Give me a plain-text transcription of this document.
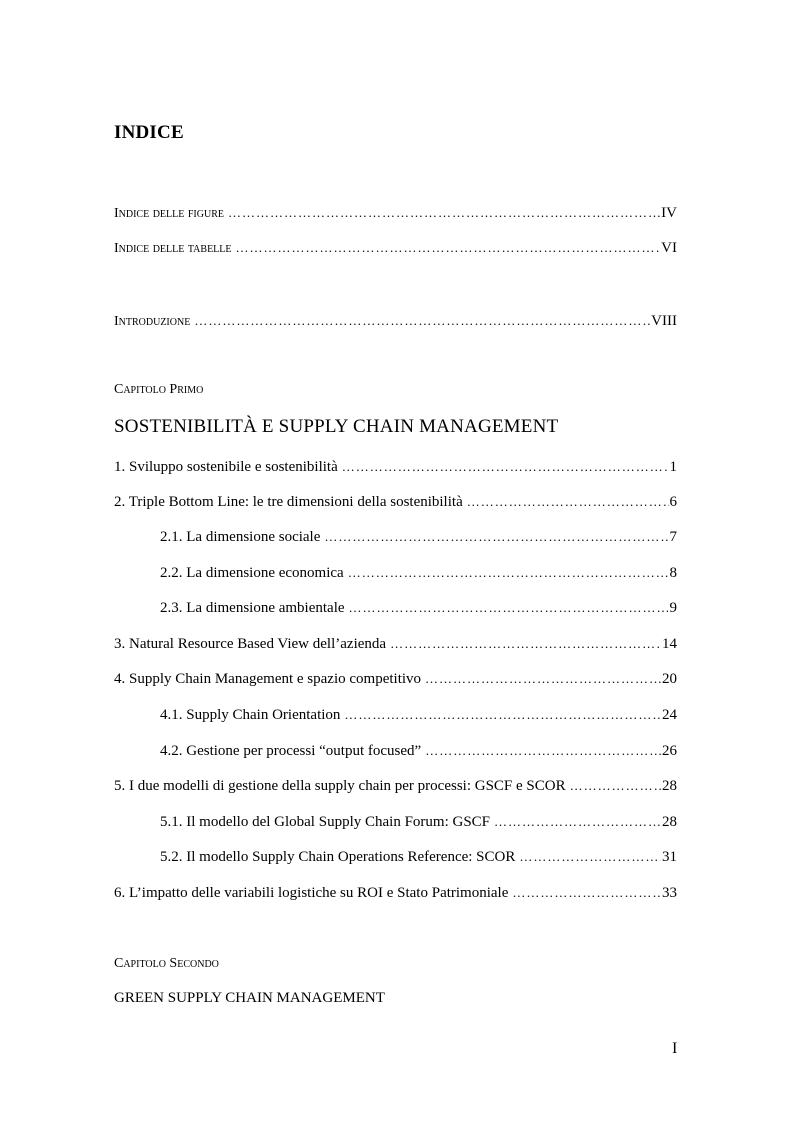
INDICE
Indice delle figure ……………………………………………………………………………………………………………………………………………………………………………………………	IV
Indice delle tabelle ……………………………………………………………………………………………………………………………………………………………………………………………	VI
Introduzione ……………………………………………………………………………………………………………………………………………………………………………………………	VIII
Capitolo Primo
SOSTENIBILITÀ E SUPPLY CHAIN MANAGEMENT
1. Sviluppo sostenibile e sostenibilità ……………………………………………………………………………………………………………………………………………………………………………………………	1
2. Triple Bottom Line: le tre dimensioni della sostenibilità ……………………………………………………………………………………………………………………………………………………………………………………………	6
2.1. La dimensione sociale ……………………………………………………………………………………………………………………………………………………………………………………………	7
2.2. La dimensione economica ……………………………………………………………………………………………………………………………………………………………………………………………	8
2.3. La dimensione ambientale ……………………………………………………………………………………………………………………………………………………………………………………………	9
3. Natural Resource Based View dell’azienda ……………………………………………………………………………………………………………………………………………………………………………………………	14
4. Supply Chain Management e spazio competitivo ……………………………………………………………………………………………………………………………………………………………………………………………	20
4.1. Supply Chain Orientation ……………………………………………………………………………………………………………………………………………………………………………………………	24
4.2. Gestione per processi “output focused” ……………………………………………………………………………………………………………………………………………………………………………………………	26
5. I due modelli di gestione della supply chain per processi: GSCF e SCOR ……………………………………………………………………………………………………………………………………………………………………………………………	28
5.1. Il modello del Global Supply Chain Forum: GSCF ……………………………………………………………………………………………………………………………………………………………………………………………	28
5.2. Il modello Supply Chain Operations Reference: SCOR ……………………………………………………………………………………………………………………………………………………………………………………………	31
6. L’impatto delle variabili logistiche su ROI e Stato Patrimoniale ……………………………………………………………………………………………………………………………………………………………………………………………	33
Capitolo Secondo
GREEN SUPPLY CHAIN MANAGEMENT
I
